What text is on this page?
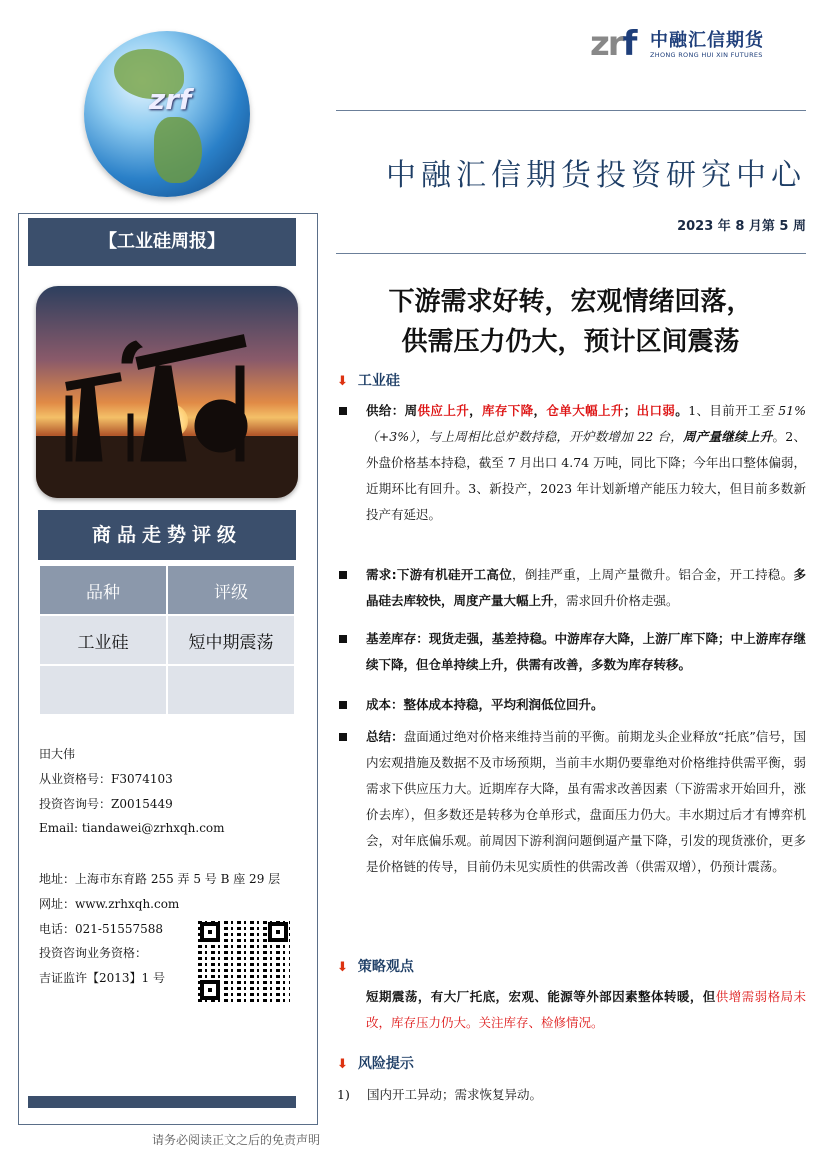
zrf
zrf 中融汇信期货
ZHONG RONG HUI XIN FUTURES
中融汇信期货投资研究中心
2023 年 8 月第 5 周
【工业硅周报】
商品走势评级
品种	评级
工业硅	短中期震荡

田大伟
从业资格号：F3074103
投资咨询号：Z0015449
Email: tiandawei@zrhxqh.com
地址：上海市东育路 255 弄 5 号 B 座 29 层
网址：www.zrhxqh.com
电话：021-51557588
投资咨询业务资格：
吉证监许【2013】1 号
请务必阅读正文之后的免责声明
下游需求好转，宏观情绪回落，
供需压力仍大，预计区间震荡
⬇ 工业硅
供给：周供应上升，库存下降，仓单大幅上升；出口弱。1、目前开工至 51%（+3%），与上周相比总炉数持稳，开炉数增加 22 台，周产量继续上升。2、外盘价格基本持稳，截至 7 月出口 4.74 万吨，同比下降；今年出口整体偏弱，近期环比有回升。3、新投产，2023 年计划新增产能压力较大，但目前多数新投产有延迟。
需求:下游有机硅开工高位，倒挂严重，上周产量微升。铝合金，开工持稳。多晶硅去库较快，周度产量大幅上升，需求回升价格走强。
基差库存：现货走强，基差持稳。中游库存大降，上游厂库下降；中上游库存继续下降，但仓单持续上升，供需有改善，多数为库存转移。
成本：整体成本持稳，平均利润低位回升。
总结：盘面通过绝对价格来维持当前的平衡。前期龙头企业释放“托底”信号，国内宏观措施及数据不及市场预期，当前丰水期仍要靠绝对价格维持供需平衡，弱需求下供应压力大。近期库存大降，虽有需求改善因素（下游需求开始回升，涨价去库），但多数还是转移为仓单形式，盘面压力仍大。丰水期过后才有博弈机会，对年底偏乐观。前周因下游利润问题倒逼产量下降，引发的现货涨价，更多是价格链的传导，目前仍未见实质性的供需改善（供需双增），仍预计震荡。
⬇ 策略观点
短期震荡，有大厂托底，宏观、能源等外部因素整体转暖，但供增需弱格局未改，库存压力仍大。关注库存、检修情况。
⬇ 风险提示
1) 国内开工异动；需求恢复异动。
